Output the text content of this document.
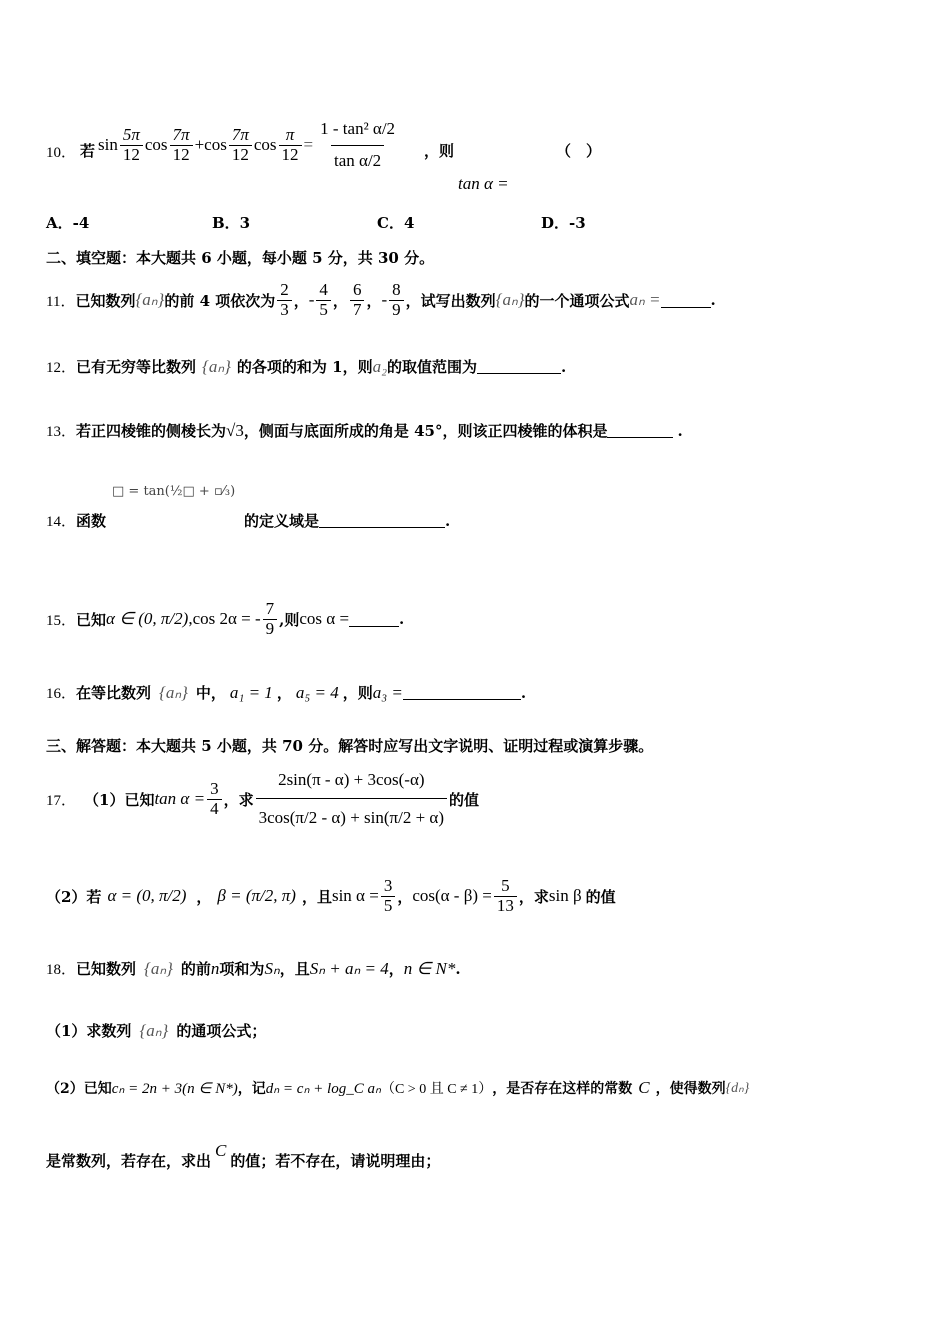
10． 若 $\sin \frac{5\pi}{12}$ $\cos \frac{7\pi}{12} + \cos \frac{7\pi}{12}$ $\cos \frac{\pi}{12} = \frac{\text{1 - tan² α/2}}{\text{tan α/2}}$ ，则	（　）
tan α =
A．-4	B．3	C．4	D．-3
二、填空题：本大题共 6 小题，每小题 5 分，共 30 分。
11． 已知数列 {aₙ} 的前 4 项依次为 $\frac{2}{3}$ ， - $\frac{4}{5}$ ， $\frac{6}{7}$ ， - $\frac{8}{9}$ ，试写出数列 {aₙ} 的一个通项公式 aₙ =	.
12． 已有无穷等比数列 {aₙ} 的各项的和为 1，则 a₂ 的取值范围为	.
13． 若正四棱锥的侧棱长为 √3 ，侧面与底面所成的角是 45°，则该正四棱锥的体积是	.
□ = tan(½□ + ▫⁄₃)
14． 函数	的定义域是	.
15． 已知 α ∈ (0, π/2) ,cos 2α = - $\frac{7}{9}$ ,则 cos α =	.
16． 在等比数列 {aₙ} 中， a₁ = 1 ， a₅ = 4 ，则 a₃ =	.
三、解答题：本大题共 5 小题，共 70 分。解答时应写出文字说明、证明过程或演算步骤。
17． （1）已知 $\tan \alpha = \frac{3}{4}$ ，求 $\frac{2\sin(\pi - \alpha) + 3\cos(-\alpha)}{3\cos(\pi/2 - \alpha) + \sin(\pi/2 + \alpha)}$ 的值
（2）若 α = (0, π/2) ， β = (π/2, π) ，且 $\sin \alpha = \frac{3}{5}$ ， $\cos(\alpha - \beta) = \frac{5}{13}$ ，求 sin β 的值
18． 已知数列 {aₙ} 的前 n 项和为 Sₙ ，且 Sₙ + aₙ = 4 ， n ∈ N* .
（1）求数列 {aₙ} 的通项公式；
（2）已知 cₙ = 2n + 3(n ∈ N*) ，记 dₙ = cₙ + log_C aₙ （C > 0 且 C ≠ 1） ，是否存在这样的常数 C ，使得数列 {dₙ}
是常数列，若存在，求出
C
的值；若不存在，请说明理由；
